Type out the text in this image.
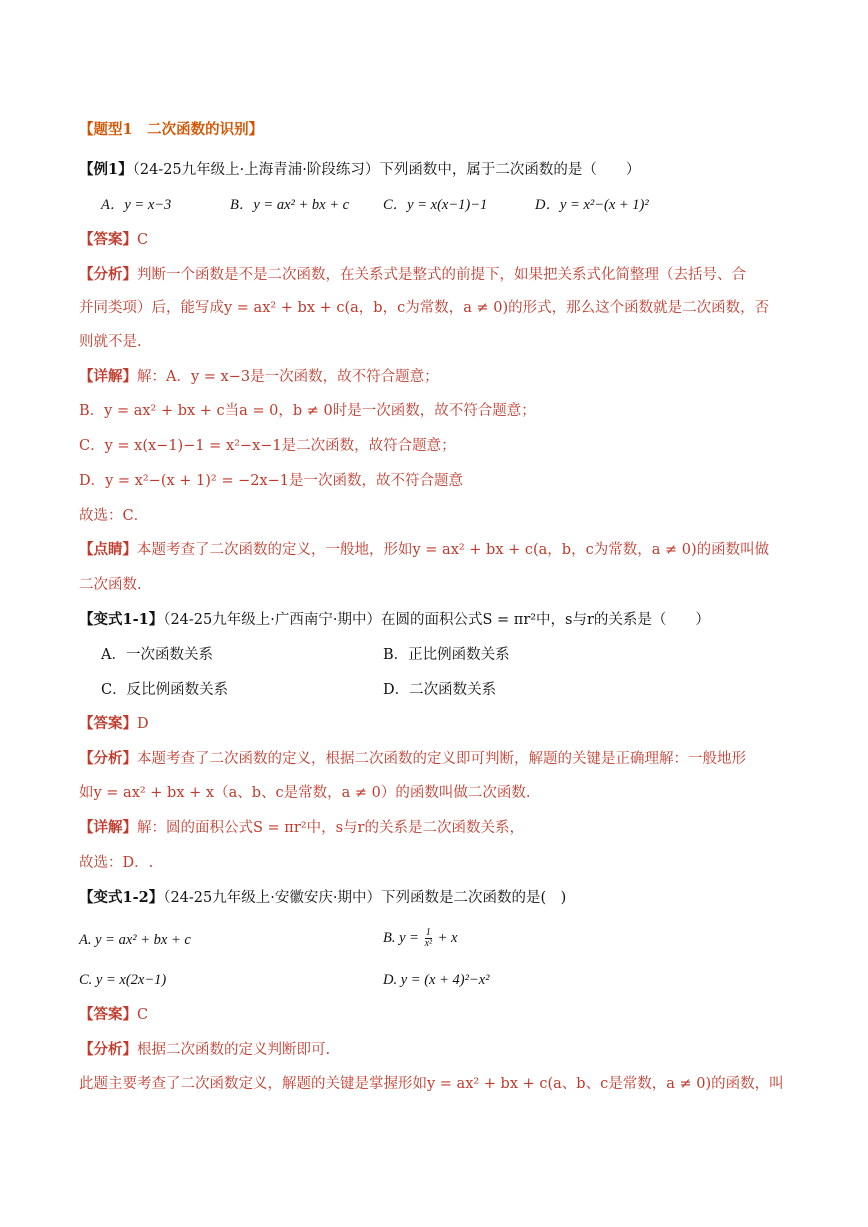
【题型1　二次函数的识别】
【例1】（24-25九年级上·上海青浦·阶段练习）下列函数中，属于二次函数的是（　　）
A．y = x−3	B．y = ax² + bx + c C．y = x(x−1)−1	D．y = x²−(x + 1)²
【答案】C
【分析】判断一个函数是不是二次函数，在关系式是整式的前提下，如果把关系式化简整理（去括号、合
并同类项）后，能写成y = ax² + bx + c(a，b，c为常数，a ≠ 0)的形式，那么这个函数就是二次函数，否
则就不是.
【详解】解：A．y = x−3是一次函数，故不符合题意；
B．y = ax² + bx + c当a = 0，b ≠ 0时是一次函数，故不符合题意；
C．y = x(x−1)−1 = x²−x−1是二次函数，故符合题意；
D．y = x²−(x + 1)² = −2x−1是一次函数，故不符合题意
故选：C．
【点睛】本题考查了二次函数的定义，一般地，形如y = ax² + bx + c(a，b，c为常数，a ≠ 0)的函数叫做
二次函数.
【变式1-1】（24-25九年级上·广西南宁·期中）在圆的面积公式S = πr²中，s与r的关系是（　　）
A．一次函数关系	B．正比例函数关系
C．反比例函数关系	D．二次函数关系
【答案】D
【分析】本题考查了二次函数的定义，根据二次函数的定义即可判断，解题的关键是正确理解：一般地形
如y = ax² + bx + x（a、b、c是常数，a ≠ 0）的函数叫做二次函数.
【详解】解：圆的面积公式S = πr²中，s与r的关系是二次函数关系，
故选：D．.
【变式1-2】（24-25九年级上·安徽安庆·期中）下列函数是二次函数的是(　)
A. y = ax² + bx + c	B. $y = \frac{1}{\text{x²}} + x$
C. y = x(2x−1)	D. y = (x + 4)²−x²
【答案】C
【分析】根据二次函数的定义判断即可.
此题主要考查了二次函数定义，解题的关键是掌握形如y = ax² + bx + c(a、b、c是常数，a ≠ 0)的函数，叫
